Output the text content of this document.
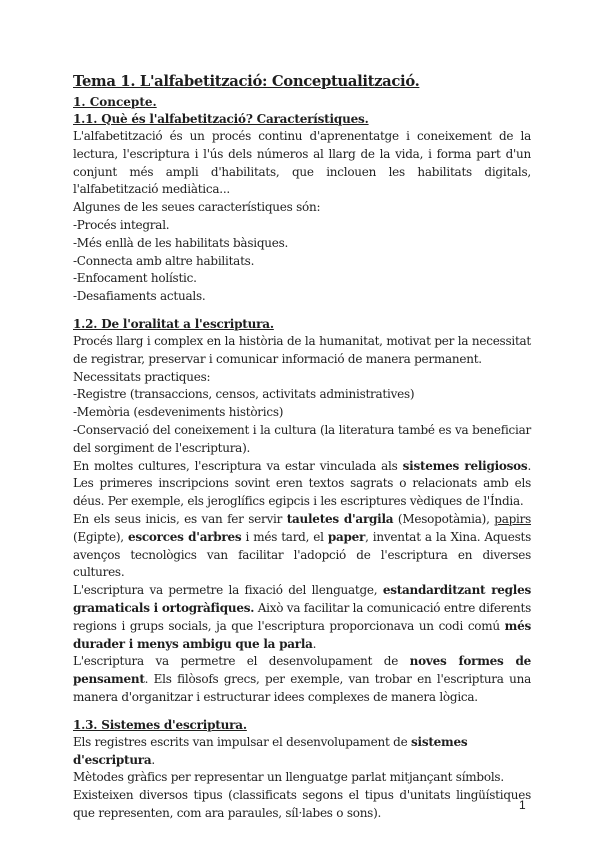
Tema 1. L'alfabetització: Conceptualització.
1. Concepte.
1.1. Què és l'alfabetització? Característiques.

L'alfabetització és un procés continu d'aprenentatge i coneixement de la lectura, l'escriptura i l'ús dels números al llarg de la vida, i forma part d'un conjunt més ampli d'habilitats, que inclouen les habilitats digitals, l'alfabetització mediàtica...

Algunes de les seues característiques són:

-Procés integral.
-Més enllà de les habilitats bàsiques.
-Connecta amb altre habilitats.
-Enfocament holístic.
-Desafiaments actuals.
1.2. De l'oralitat a l'escriptura.

Procés llarg i complex en la història de la humanitat, motivat per la necessitat de registrar, preservar i comunicar informació de manera permanent.

Necessitats practiques:

-Registre (transaccions, censos, activitats administratives)
-Memòria (esdeveniments històrics)

-Conservació del coneixement i la cultura (la literatura també es va beneficiar del sorgiment de l'escriptura).

En moltes cultures, l'escriptura va estar vinculada als sistemes religiosos. Les primeres inscripcions sovint eren textos sagrats o relacionats amb els déus. Per exemple, els jeroglífics egipcis i les escriptures vèdiques de l'Índia.

En els seus inicis, es van fer servir tauletes d'argila (Mesopotàmia), papirs (Egipte), escorces d'arbres i més tard, el paper, inventat a la Xina. Aquests avenços tecnològics van facilitar l'adopció de l'escriptura en diverses cultures.

L'escriptura va permetre la fixació del llenguatge, estandarditzant regles gramaticals i ortogràfiques. Això va facilitar la comunicació entre diferents regions i grups socials, ja que l'escriptura proporcionava un codi comú més durader i menys ambigu que la parla.

L'escriptura va permetre el desenvolupament de noves formes de pensament. Els filòsofs grecs, per exemple, van trobar en l'escriptura una manera d'organitzar i estructurar idees complexes de manera lògica.

1.3. Sistemes d'escriptura.

Els registres escrits van impulsar el desenvolupament de sistemes d'escriptura.

Mètodes gràfics per representar un llenguatge parlat mitjançant símbols.

Existeixen diversos tipus (classificats segons el tipus d'unitats lingüístiques que representen, com ara paraules, síl·labes o sons).

1
